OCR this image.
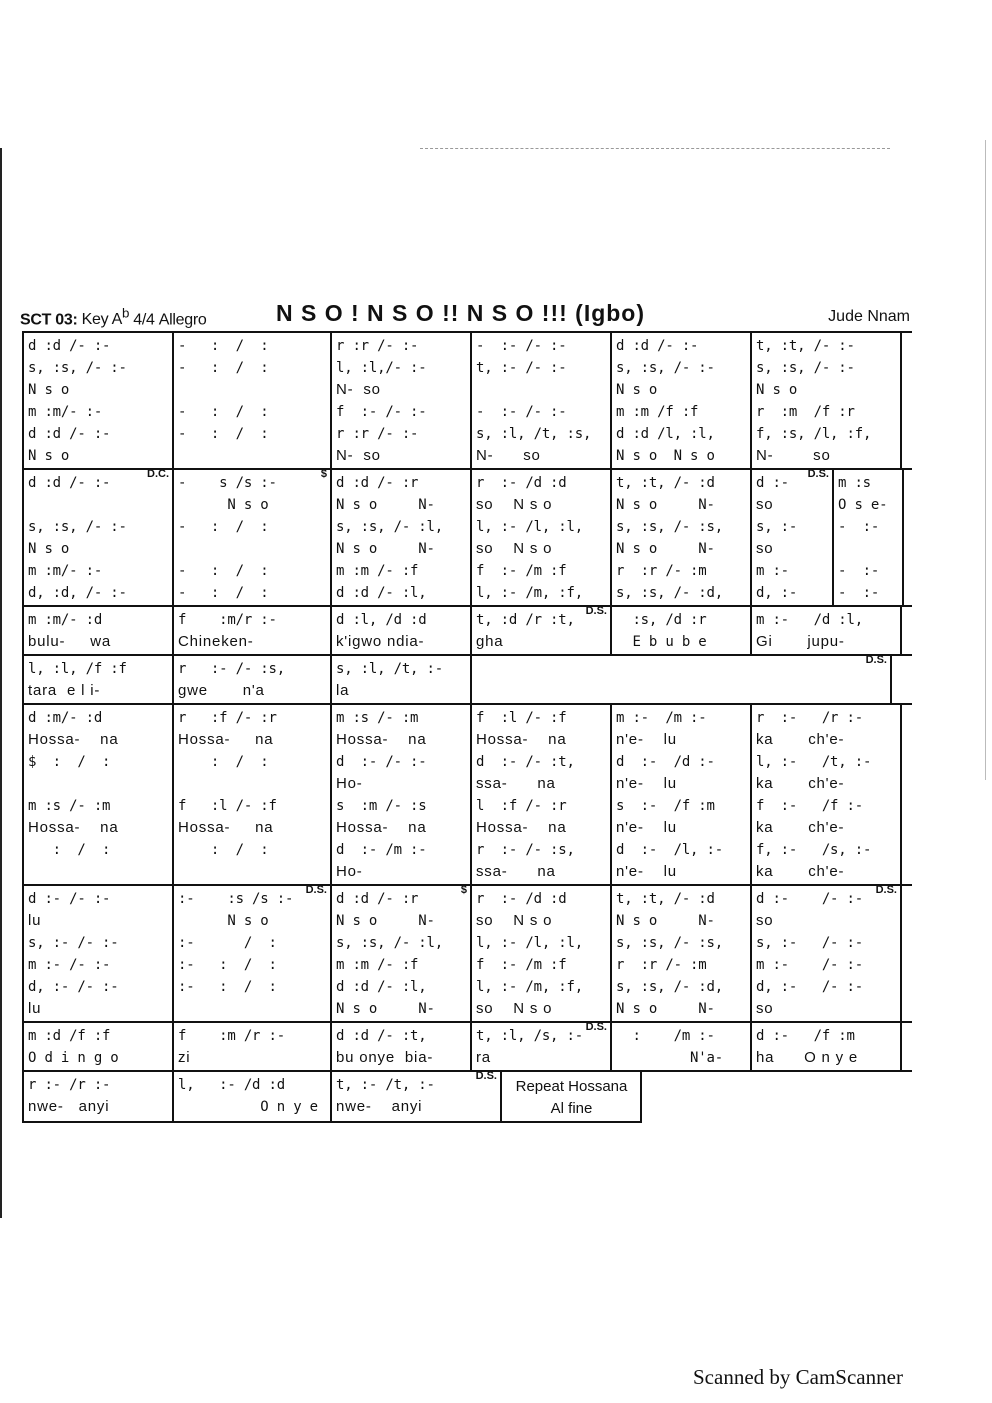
SCT 03: Key $A^b$ 4/4 Allegro	N S O ! N S O !! N S O !!! (Igbo)	Jude Nnam
d :d /- :-
s, :s, /- :-
N s o
m :m/- :-
d :d /- :-
N s o
-   :  /  :
-   :  /  :

-   :  /  :
-   :  /  :

r :r /- :-
l, :l,/- :-
N-  so
f  :- /- :-
r :r /- :-
N-  so
-  :- /- :-
t, :- /- :-

-  :- /- :-
s, :l, /t, :s,
N-      so
d :d /- :-
s, :s, /- :-
N s o
m :m /f :f
d :d /l, :l,
N s o  N s o
t, :t, /- :-
s, :s, /- :-
N s o
r  :m  /f :r
f, :s, /l, :f,
N-        so
d :d /- :-

s, :s, /- :-
N s o
m :m/- :-
d, :d, /- :-
D.C.
-    s /s :-
N s o
-   :  /  :

-   :  /  :
-   :  /  :
$
d :d /- :r
N s o     N-
s, :s, /- :l,
N s o     N-
m :m /- :f
d :d /- :l,
r  :- /d :d
so    N s o
l, :- /l, :l,
so    N s o
f  :- /m :f
l, :- /m, :f,
t, :t, /- :d
N s o     N-
s, :s, /- :s,
N s o     N-
r  :r /- :m
s, :s, /- :d,
d :-
so
s, :-
so
m :-
d, :-
D.S.
m :s
O s e-
-  :-

-  :-
-  :-
m :m/- :d
bulu-     wa
f    :m/r :-
Chineken-
d :l, /d :d
k'igwo ndia-
t, :d /r :t,
gha
D.S.
:s, /d :r
E b u b e
m :-   /d :l,
Gi       jupu-
l, :l, /f :f
tara  e l i-
r   :- /- :s,
gwe       n'a
s, :l, /t, :-
la

D.S.
d :m/- :d
Hossa-    na
$  :  /  :

m :s /- :m
Hossa-    na
:  /  :

r   :f /- :r
Hossa-     na
:  /  :

f   :l /- :f
Hossa-     na
:  /  :

m :s /- :m
Hossa-    na
d  :- /- :-
Ho-
s  :m /- :s
Hossa-    na
d  :- /m :-
Ho-
f  :l /- :f
Hossa-    na
d  :- /- :t,
ssa-      na
l  :f /- :r
Hossa-    na
r  :- /- :s,
ssa-      na
m :-  /m :-
n'e-    lu
d  :-  /d :-
n'e-    lu
s  :-  /f :m
n'e-    lu
d  :-  /l, :-
n'e-    lu
r  :-   /r :-
ka       ch'e-
l, :-   /t, :-
ka       ch'e-
f  :-   /f :-
ka       ch'e-
f, :-   /s, :-
ka       ch'e-
d :- /- :-
lu
s, :- /- :-
m :- /- :-
d, :- /- :-
lu
:-    :s /s :-
N s o
:-      /  :
:-   :  /  :
:-   :  /  :

D.S.
d :d /- :r
N s o     N-
s, :s, /- :l,
m :m /- :f
d :d /- :l,
N s o     N-
$
r  :- /d :d
so    N s o
l, :- /l, :l,
f  :- /m :f
l, :- /m, :f,
so    N s o
t, :t, /- :d
N s o     N-
s, :s, /- :s,
r  :r /- :m
s, :s, /- :d,
N s o     N-
d :-    /- :-
so
s, :-   /- :-
m :-    /- :-
d, :-   /- :-
so
D.S.
m :d /f :f
O d i n g o
f    :m /r :-
zi
d :d /- :t,
bu onye  bia-
t, :l, /s, :-
ra
D.S.
:    /m :-
N'a-
d :-   /f :m
ha      O n y e
r :- /r :-
nwe-   anyi
l,   :- /d :d
O n y e
t, :- /t, :-
nwe-    anyi
D.S.
Repeat Hossana
Al fine
Scanned by CamScanner
